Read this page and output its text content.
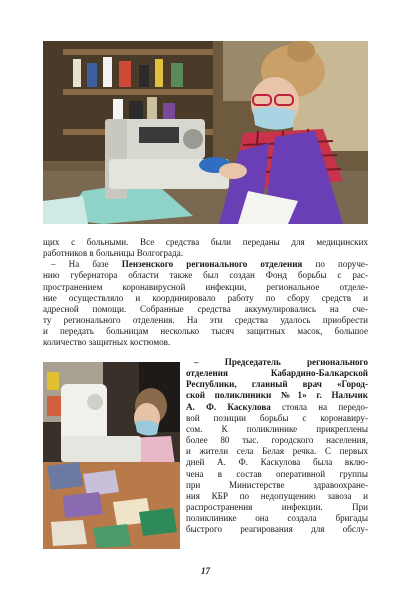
щих с больными. Все средства были переданы для медицинских
работников в больницы Волгограда.
– На базе Пензенского регионального отделения по поруче-
нию губернатора области также был создан Фонд борьбы с рас-
пространением коронавирусной инфекции, региональное отделе-
ние осуществляло и координировало работу по сбору средств и
адресной помощи. Собранные средства аккумулировались на сче-
ту регионального отделения. На эти средства удалось приобрести
и передать больницам несколько тысяч защитных масок, большое
количество защитных костюмов.
– Председатель регионального
отделения Кабардино-Балкарской
Республики, главный врач «Город-
ской поликлиники №1» г. Нальчик
А. Ф. Каскулова стояла на передо-
вой позиции борьбы с коронавиру-
сом. К поликлинике прикреплены
более 80 тыс. городского населения,
и жители села Белая речка. С первых
дней А. Ф. Каскулова была вклю-
чена в состав оперативной группы
при Министерстве здравоохране-
ния КБР по недопущению завоза и
распространения инфекции. При
поликлинике она создала бригады
быстрого реагирования для обслу-
17
